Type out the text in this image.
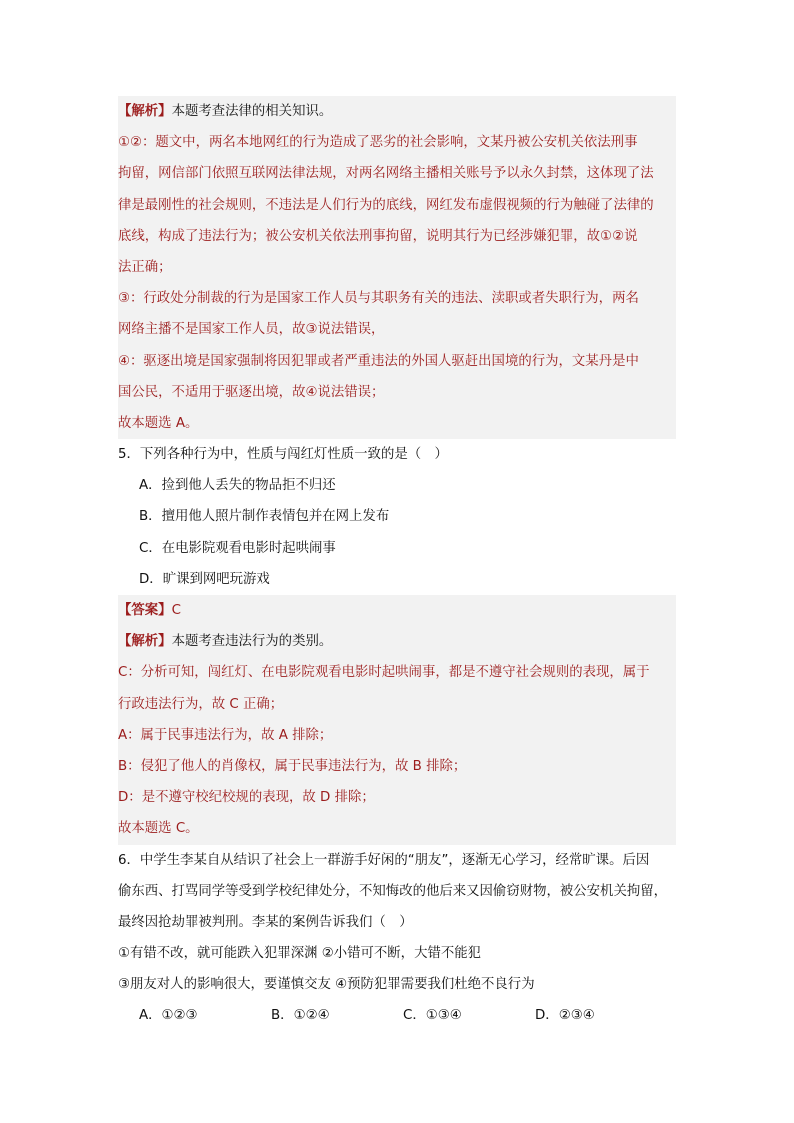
【解析】本题考查法律的相关知识。

①②：题文中，两名本地网红的行为造成了恶劣的社会影响，文某丹被公安机关依法刑事

拘留，网信部门依照互联网法律法规，对两名网络主播相关账号予以永久封禁，这体现了法

律是最刚性的社会规则，不违法是人们行为的底线，网红发布虚假视频的行为触碰了法律的

底线，构成了违法行为；被公安机关依法刑事拘留，说明其行为已经涉嫌犯罪，故①②说

法正确；

③：行政处分制裁的行为是国家工作人员与其职务有关的违法、渎职或者失职行为，两名

网络主播不是国家工作人员，故③说法错误，

④：驱逐出境是国家强制将因犯罪或者严重违法的外国人驱赶出国境的行为，文某丹是中

国公民，不适用于驱逐出境，故④说法错误；

故本题选 A。

5．下列各种行为中，性质与闯红灯性质一致的是（　）

A．捡到他人丢失的物品拒不归还

B．擅用他人照片制作表情包并在网上发布

C．在电影院观看电影时起哄闹事

D．旷课到网吧玩游戏

【答案】C

【解析】本题考查违法行为的类别。

C：分析可知，闯红灯、在电影院观看电影时起哄闹事，都是不遵守社会规则的表现，属于

行政违法行为，故 C 正确；

A：属于民事违法行为，故 A 排除；

B：侵犯了他人的肖像权，属于民事违法行为，故 B 排除；

D：是不遵守校纪校规的表现，故 D 排除；

故本题选 C。

6．中学生李某自从结识了社会上一群游手好闲的“朋友”，逐渐无心学习，经常旷课。后因

偷东西、打骂同学等受到学校纪律处分，不知悔改的他后来又因偷窃财物，被公安机关拘留，

最终因抢劫罪被判刑。李某的案例告诉我们（　）

①有错不改，就可能跌入犯罪深渊 ②小错可不断，大错不能犯

③朋友对人的影响很大，要谨慎交友 ④预防犯罪需要我们杜绝不良行为

A．①②③	B．①②④	C．①③④	D．②③④
